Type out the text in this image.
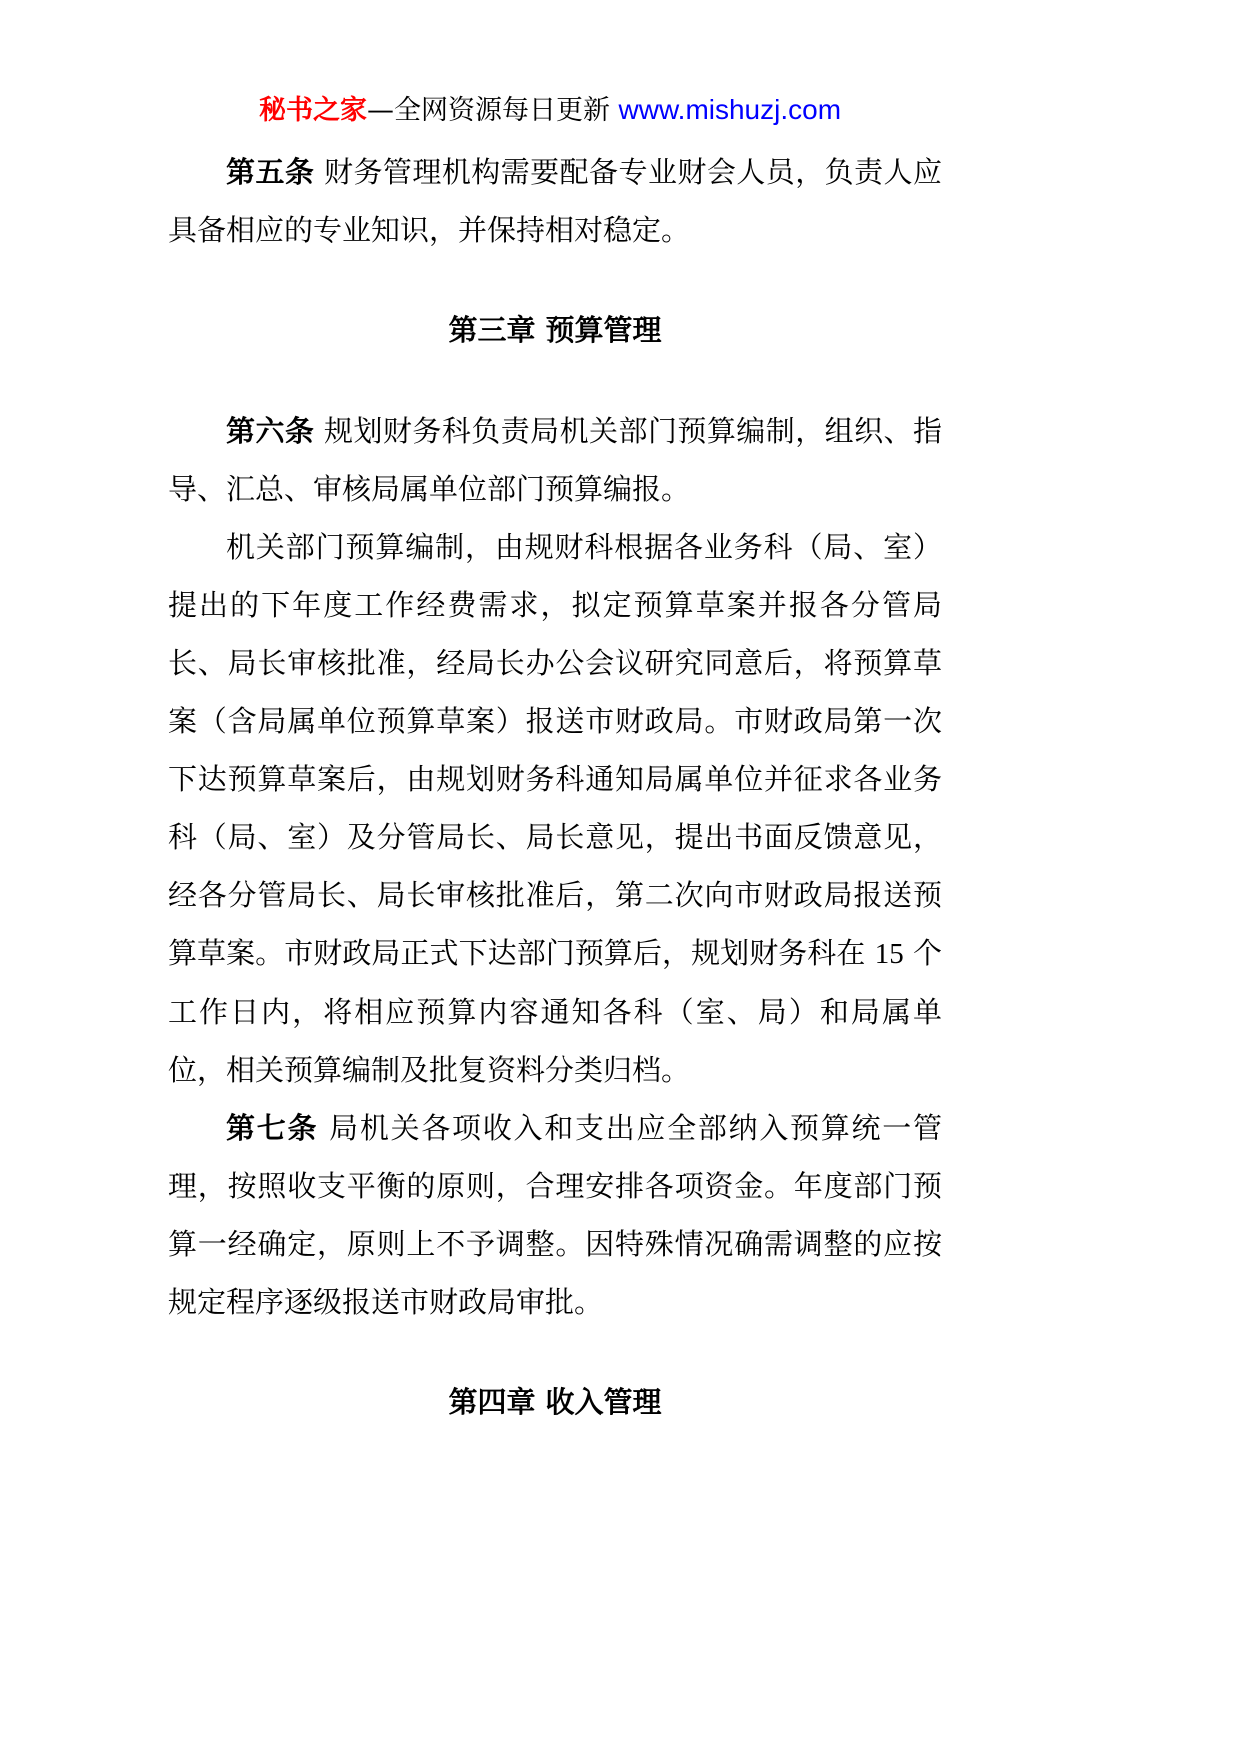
秘书之家—全网资源每日更新 www.mishuzj.com

第五条 财务管理机构需要配备专业财会人员，负责人应具备相应的专业知识，并保持相对稳定。

第三章 预算管理

第六条 规划财务科负责局机关部门预算编制，组织、指导、汇总、审核局属单位部门预算编报。

机关部门预算编制，由规财科根据各业务科（局、室）提出的下年度工作经费需求，拟定预算草案并报各分管局长、局长审核批准，经局长办公会议研究同意后，将预算草案（含局属单位预算草案）报送市财政局。市财政局第一次下达预算草案后，由规划财务科通知局属单位并征求各业务科（局、室）及分管局长、局长意见，提出书面反馈意见，经各分管局长、局长审核批准后，第二次向市财政局报送预算草案。市财政局正式下达部门预算后，规划财务科在 15 个工作日内，将相应预算内容通知各科（室、局）和局属单位，相关预算编制及批复资料分类归档。

第七条 局机关各项收入和支出应全部纳入预算统一管理，按照收支平衡的原则，合理安排各项资金。年度部门预算一经确定，原则上不予调整。因特殊情况确需调整的应按规定程序逐级报送市财政局审批。

第四章 收入管理
